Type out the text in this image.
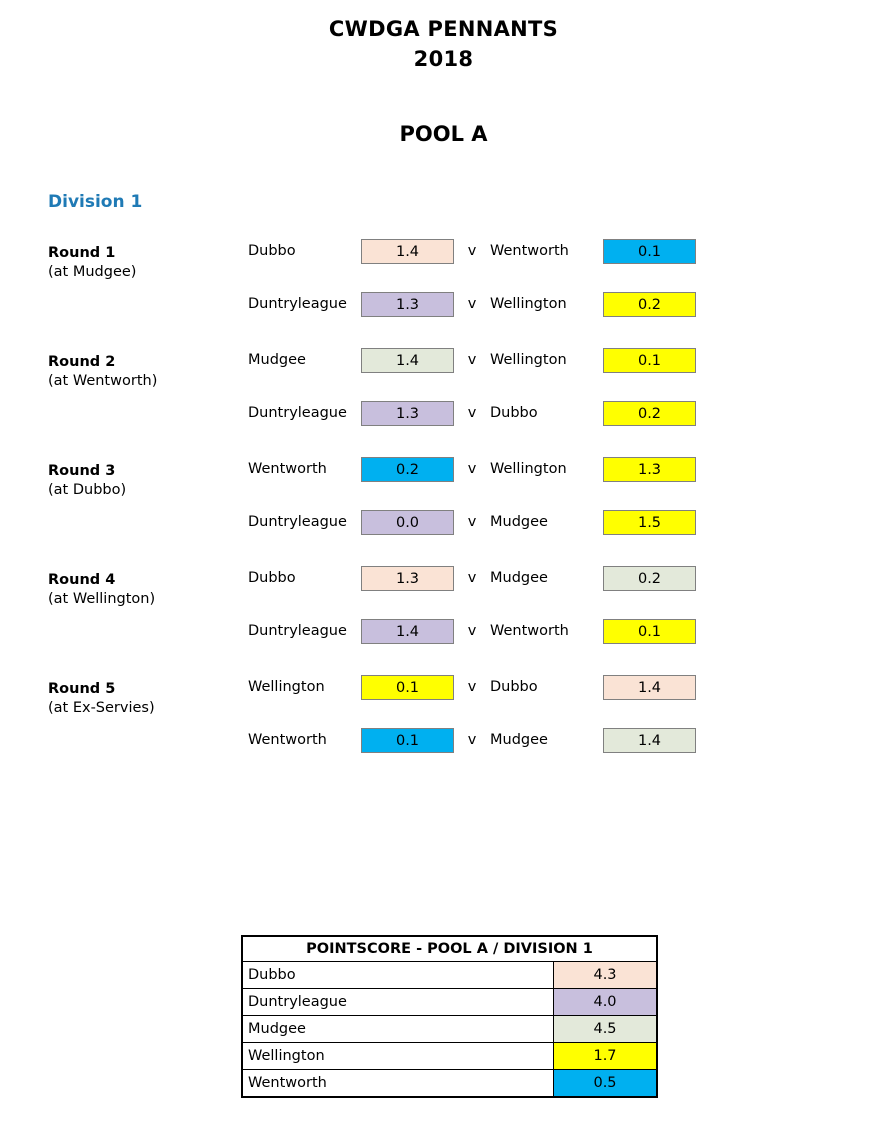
CWDGA PENNANTS
2018
POOL A
Division 1
Round 1
(at Mudgee)
Dubbo	1.4	v Wentworth	0.1
Duntryleague	1.3	v Wellington	0.2
Round 2
(at Wentworth)
Mudgee	1.4	v Wellington	0.1
Duntryleague	1.3	v Dubbo	0.2
Round 3
(at Dubbo)
Wentworth	0.2	v Wellington	1.3
Duntryleague	0.0	v Mudgee	1.5
Round 4
(at Wellington)
Dubbo	1.3	v Mudgee	0.2
Duntryleague	1.4	v Wentworth	0.1
Round 5
(at Ex-Servies)
Wellington	0.1	v Dubbo	1.4
Wentworth	0.1	v Mudgee	1.4
POINTSCORE - POOL A / DIVISION 1
Dubbo	4.3
Duntryleague	4.0
Mudgee	4.5
Wellington	1.7
Wentworth	0.5
